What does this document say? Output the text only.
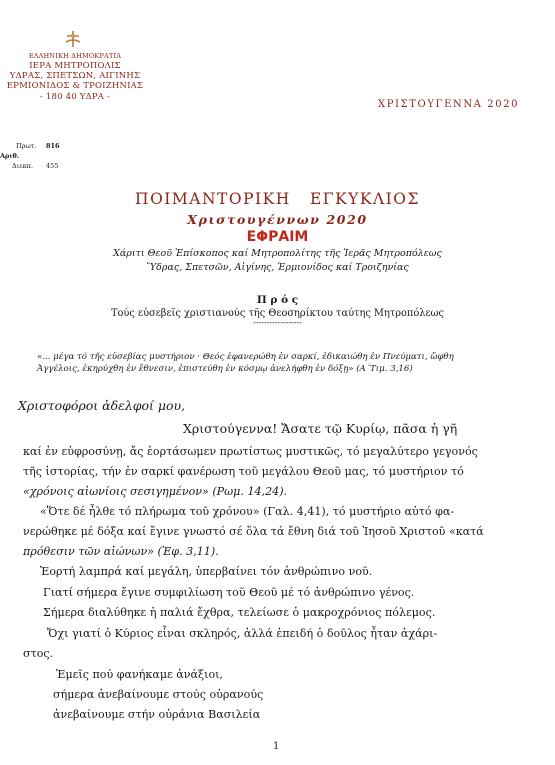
ΕΛΛΗΝΙΚΗ ΔΗΜΟΚΡΑΤΙΑ
ΙΕΡΑ ΜΗΤΡΟΠΟΛΙΣ
ΥΔΡΑΣ, ΣΠΕΤΣΩΝ, ΑΙΓΙΝΗΣ
ΕΡΜΙΟΝΙΔΟΣ & ΤΡΟΙΖΗΝΙΑΣ
- 180 40 ΥΔΡΑ -
ΧΡΙΣΤΟΥΓΕΝΝΑ 2020
Πρωτ. 816
Αριθ.
Διεκπ. 455
ΠΟΙΜΑΝΤΟΡΙΚΗ   ΕΓΚΥΚΛΙΟΣ
Χριστουγέννων 2020
ΕΦΡΑΙΜ
Χάριτι Θεοῦ Ἐπίσκοπος καί Μητροπολίτης τῆς Ἱερᾶς Μητροπόλεως
Ὕδρας, Σπετσῶν, Αἰγίνης, Ἑρμιονίδος καί Τροιζηνίας
Π ρ ό ς
Τούς εὐσεβεῖς χριστιανούς τῆς Θεοσηρίκτου ταύτης Μητροπόλεως
------------------
«... μέγα τό τῆς εὐσεβίας μυστήριον · Θεός ἐφανερώθη ἐν σαρκί, ἐδικαιώθη ἐν Πνεύματι, ὤφθη
Ἀγγέλοις, ἐκηρύχθη ἐν ἔθνεσιν, ἐπιστεύθη ἐν κόσμῳ ἀνελήφθη ἐν δόξῃ» (Α΄Τιμ. 3,16)
Χριστοφόροι ἀδελφοί μου,
Χριστούγεννα! Ἄσατε τῷ Κυρίῳ, πᾶσα ἡ γῆ
καί ἐν εὐφροσύνῃ, ἄς ἑορτάσωμεν πρωτίστως μυστικῶς, τό μεγαλύτερο γεγονός
τῆς ἱστορίας, τήν ἐν σαρκί φανέρωση τοῦ μεγάλου Θεοῦ μας, τό μυστήριον τό
«χρόνοις αἰωνίοις σεσιγημένον» (Ρωμ. 14,24).
«Ὅτε δέ ἦλθε τό πλήρωμα τοῦ χρόνου» (Γαλ. 4,41), τό μυστήριο αὐτό φα-
νερώθηκε μέ δόξα καί ἔγινε γνωστό σέ ὅλα τά ἔθνη διά τοῦ Ἰησοῦ Χριστοῦ «κατά
πρόθεσιν τῶν αἰώνων» (Ἐφ. 3,11).
Ἑορτή λαμπρά καί μεγάλη, ὑπερβαίνει τόν ἀνθρώπινο νοῦ.
Γιατί σήμερα ἔγινε συμφιλίωση τοῦ Θεοῦ μέ τό ἀνθρώπινο γένος.
Σήμερα διαλύθηκε ἡ παλιά ἔχθρα, τελείωσε ὁ μακροχρόνιος πόλεμος.
Ὄχι γιατί ὁ Κύριος εἶναι σκληρός, ἀλλά ἐπειδή ὁ δοῦλος ἦταν ἀχάρι-
στος.
Ἐμεῖς πού φανήκαμε ἀνάξιοι,
σήμερα ἀνεβαίνουμε στούς οὐρανούς
ἀνεβαίνουμε στήν οὐράνια Βασιλεία
1
